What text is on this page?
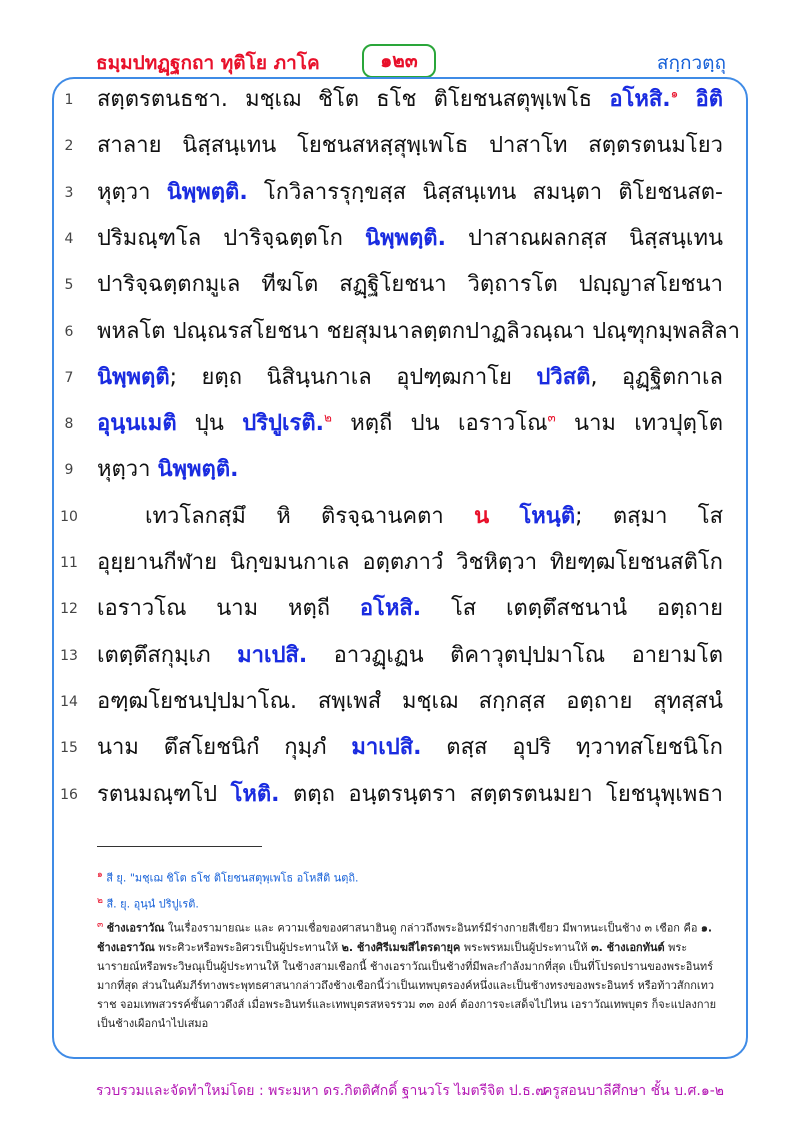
ธมฺมปทฏฺฐกถา ทุติโย ภาโค	๑๒๓	สกฺกวตฺถุ
1 สตฺตรตนธชา. มชฺเฌ ชิโต ธโช ติโยชนสตุพฺเพโธ อโหสิ.$^๑$ อิติ
2 สาลาย นิสฺสนฺเทน โยชนสหสฺสุพฺเพโธ ปาสาโท สตฺตรตนมโยว
3 หุตฺวา นิพฺพตฺติ. โกวิลารรุกฺขสฺส นิสฺสนฺเทน สมนฺตา ติโยชนสต-
4 ปริมณฺฑโล ปาริจฺฉตฺตโก นิพฺพตฺติ. ปาสาณผลกสฺส นิสฺสนฺเทน
5 ปาริจฺฉตฺตกมูเล ทีฆโต สฏฺฐิโยชนา วิตฺถารโต ปญฺญาสโยชนา
6 พหลโต ปณฺณรสโยชนา ชยสุมนาลตฺตกปาฏลิวณฺณา ปณฺฑุกมฺพลสิลา
7 นิพฺพตฺติ; ยตฺถ นิสินฺนกาเล อุปฑฺฒกาโย ปวิสติ, อุฏฺฐิตกาเล
8 อุนฺนเมติ ปุน ปริปูเรติ.$^๒$ หตฺถี ปน เอราวโณ$^๓$ นาม เทวปุตฺโต
9 หุตฺวา นิพฺพตฺติ.
10	เทวโลกสฺมึ หิ ติรจฺฉานคตา น โหนฺติ; ตสฺมา โส
11 อุยฺยานกีฬาย นิกฺขมนกาเล อตฺตภาวํ วิชหิตฺวา ทิยฑฺฒโยชนสติโก
12 เอราวโณ นาม หตฺถี อโหสิ. โส เตตฺตึสชนานํ อตฺถาย
13 เตตฺตึสกุมฺเภ มาเปสิ. อาวฏฺเฏน ติคาวุตปฺปมาโณ อายามโต
14 อฑฺฒโยชนปฺปมาโณ. สพฺเพสํ มชฺเฌ สกฺกสฺส อตฺถาย สุทสฺสนํ
15 นาม ตึสโยชนิกํ กุมฺภํ มาเปสิ. ตสฺส อุปริ ทฺวาทสโยชนิโก
16 รตนมณฺฑโป โหติ. ตตฺถ อนฺตรนฺตรา สตฺตรตนมยา โยชนุพฺเพธา
$^๑$ สี ยุ. "มชฺเฌ ชิโต ธโช ติโยชนสตุพฺเพโธ อโหสีติ นตฺถิ.
$^๒$ สี. ยุ. อุนฺนํ ปริปูเรติ.
$^๓$ ช้างเอราวัณ ในเรื่องรามายณะ และ ความเชื่อของศาสนาฮินดู กล่าวถึงพระอินทร์มีร่างกายสีเขียว มีพาหนะเป็นช้าง ๓ เชือก คือ ๑. ช้างเอราวัณ พระศิวะหรือพระอิศวรเป็นผู้ประทานให้ ๒. ช้างศิรีเมฆสีไตรดายุค พระพรหมเป็นผู้ประทานให้ ๓. ช้างเอกทันต์ พระนารายณ์หรือพระวิษณุเป็นผู้ประทานให้ ในช้างสามเชือกนี้ ช้างเอราวัณเป็นช้างที่มีพละกำลังมากที่สุด เป็นที่โปรดปรานของพระอินทร์มากที่สุด ส่วนในคัมภีร์ทางพระพุทธศาสนากล่าวถึงช้างเชือกนี้ว่าเป็นเทพบุตรองค์หนึ่งและเป็นช้างทรงของพระอินทร์ หรือท้าวสักกเทวราช จอมเทพสวรรค์ชั้นดาวดึงส์ เมื่อพระอินทร์และเทพบุตรสหจรรวม ๓๓ องค์ ต้องการจะเสด็จไปไหน เอราวัณเทพบุตร ก็จะแปลงกายเป็นช้างเผือกนำไปเสมอ
รวบรวมและจัดทำใหม่โดย : พระมหา ดร.กิตติศักดิ์ ฐานวโร ไมตรีจิต ป.ธ.๗
ครูสอนบาลีศึกษา ชั้น บ.ศ.๑-๒
